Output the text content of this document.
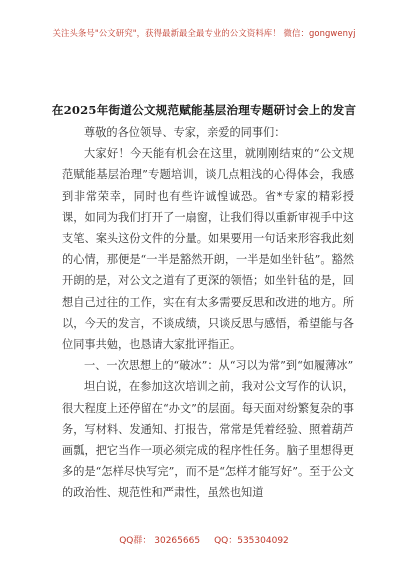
关注头条号"公文研究"，获得最新最全最专业的公文资料库！ 微信：gongwenyj
在2025年街道公文规范赋能基层治理专题研讨会上的发言

尊敬的各位领导、专家，亲爱的同事们：

大家好！今天能有机会在这里，就刚刚结束的“公文规范赋能基层治理”专题培训，谈几点粗浅的心得体会，我感到非常荣幸，同时也有些许诚惶诚恐。省*专家的精彩授课，如同为我们打开了一扇窗，让我们得以重新审视手中这支笔、案头这份文件的分量。如果要用一句话来形容我此刻的心情，那便是“一半是豁然开朗，一半是如坐针毡”。豁然开朗的是，对公文之道有了更深的领悟；如坐针毡的是，回想自己过往的工作，实在有太多需要反思和改进的地方。所以，今天的发言，不谈成绩，只谈反思与感悟，希望能与各位同事共勉，也恳请大家批评指正。

一、一次思想上的“破冰”：从“习以为常”到“如履薄冰”

坦白说，在参加这次培训之前，我对公文写作的认识，很大程度上还停留在“办文”的层面。每天面对纷繁复杂的事务，写材料、发通知、打报告，常常是凭着经验、照着葫芦画瓢，把它当作一项必须完成的程序性任务。脑子里想得更多的是“怎样尽快写完”，而不是“怎样才能写好”。至于公文的政治性、规范性和严肃性，虽然也知道

QQ群： 30265665 QQ：535304092
